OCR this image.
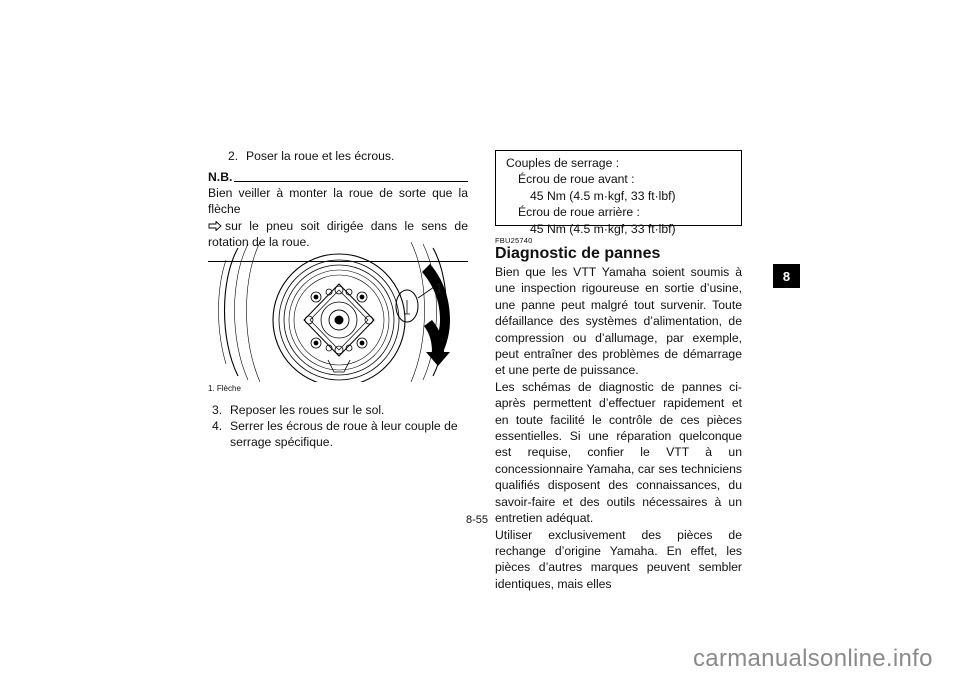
2. Poser la roue et les écrous.
N.B.
Bien veiller à monter la roue de sorte que la flèche
sur le pneu soit dirigée dans le sens de rotation de la roue.
1
1. Flèche
3. Reposer les roues sur le sol.
4. Serrer les écrous de roue à leur couple de serrage spécifique.
Couples de serrage :
Écrou de roue avant :
45 Nm (4.5 m·kgf, 33 ft·lbf)
Écrou de roue arrière :
45 Nm (4.5 m·kgf, 33 ft·lbf)
FBU25740
Diagnostic de pannes
Bien que les VTT Yamaha soient soumis à une inspection rigoureuse en sortie d’usine, une panne peut malgré tout survenir. Toute défaillance des systèmes d’alimentation, de compression ou d’allumage, par exemple, peut entraîner des problèmes de démarrage et une perte de puissance.
Les schémas de diagnostic de pannes ci-après permettent d’effectuer rapidement et en toute facilité le contrôle de ces pièces essentielles. Si une réparation quelconque est requise, confier le VTT à un concessionnaire Yamaha, car ses techniciens qualifiés disposent des connaissances, du savoir-faire et des outils nécessaires à un entretien adéquat.
Utiliser exclusivement des pièces de rechange d’origine Yamaha. En effet, les pièces d’autres marques peuvent sembler identiques, mais elles
8
8-55
carmanualsonline.info
